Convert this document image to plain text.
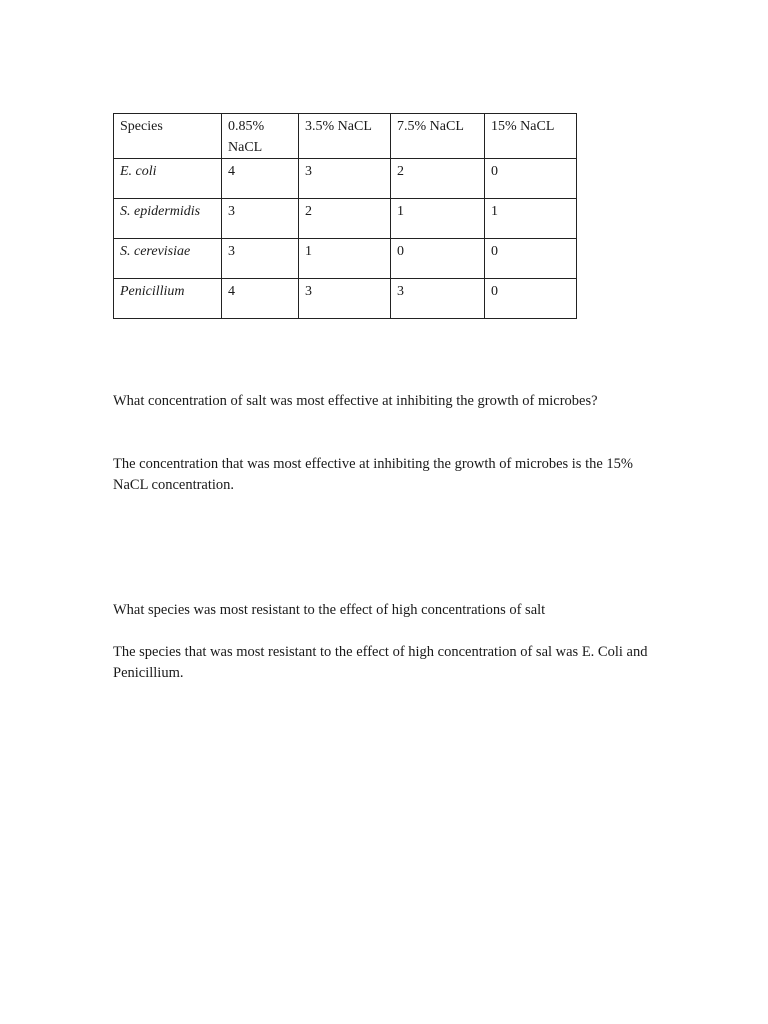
Species	0.85% NaCL	3.5% NaCL	7.5% NaCL	15% NaCL
E. coli	4	3	2	0
S. epidermidis	3	2	1	1
S. cerevisiae	3	1	0	0
Penicillium	4	3	3	0

What concentration of salt was most effective at inhibiting the growth of microbes?

The concentration that was most effective at inhibiting the growth of microbes is the 15% NaCL concentration.

What species was most resistant to the effect of high concentrations of salt

The species that was most resistant to the effect of high concentration of sal was E. Coli and Penicillium.
